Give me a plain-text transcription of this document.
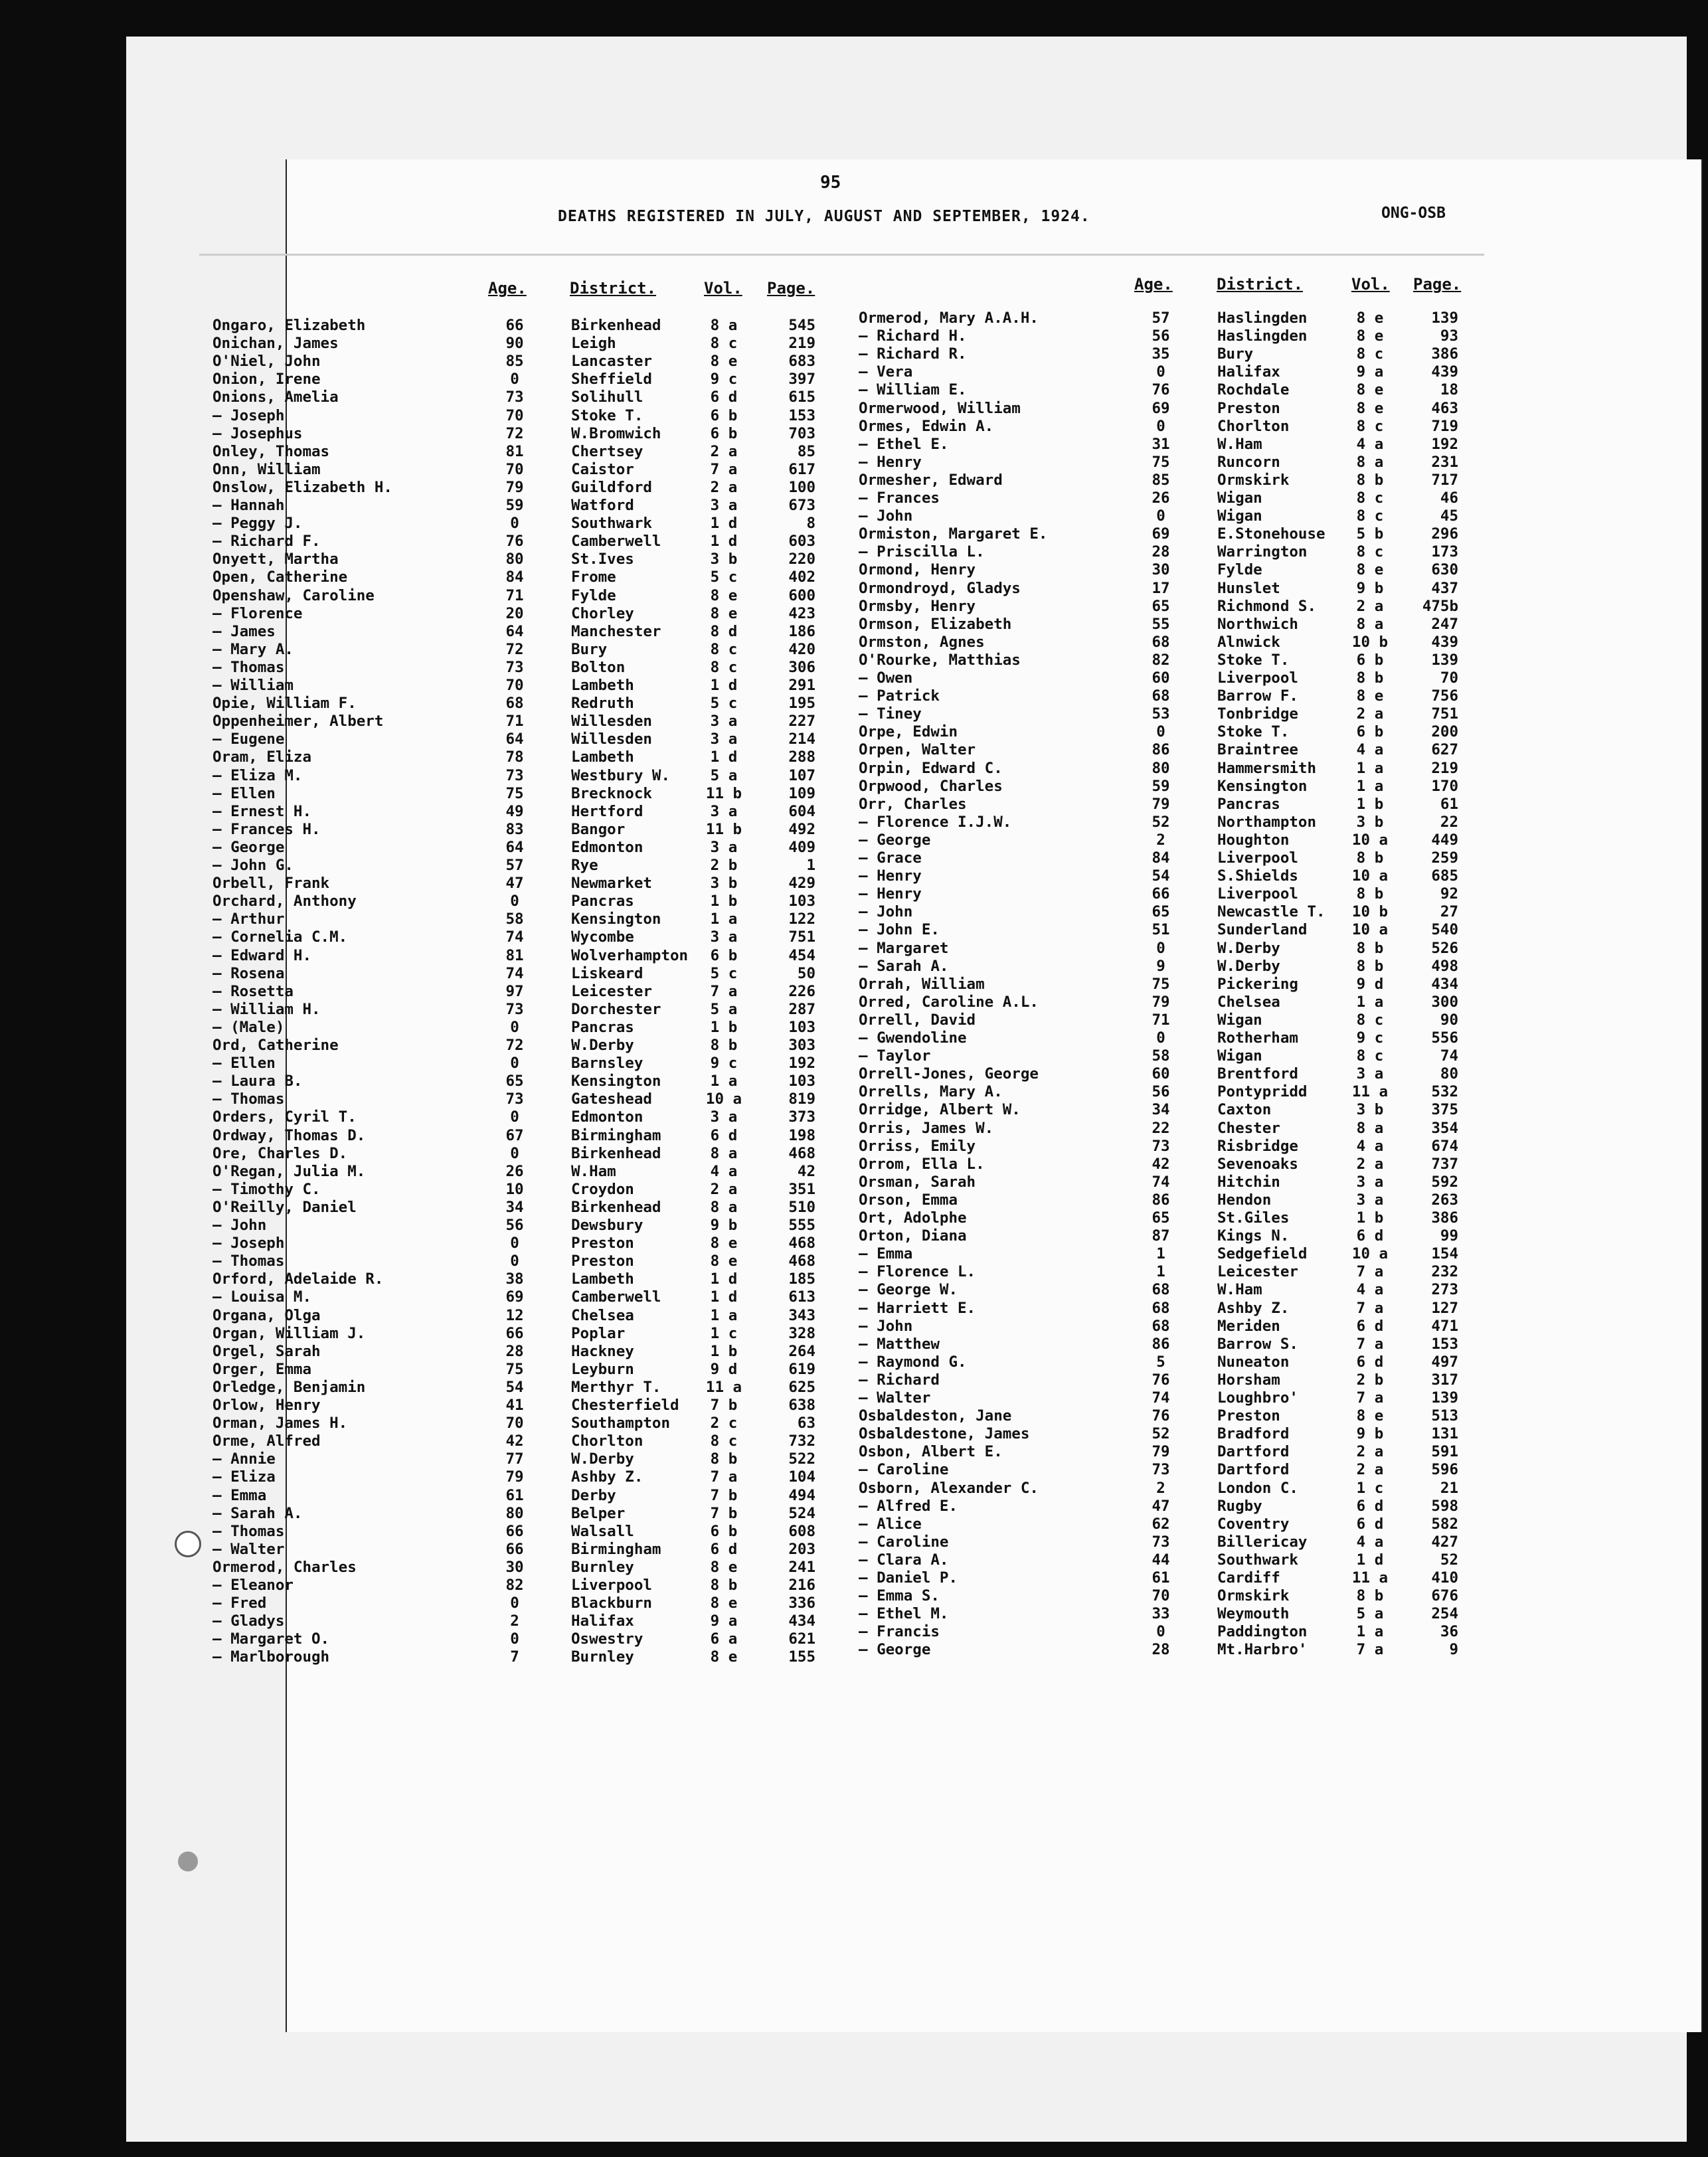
95
DEATHS REGISTERED IN JULY, AUGUST AND SEPTEMBER, 1924.	ONG-OSB
Age.	District.	Vol. Page.	Age.	District.	Vol. Page.
Ongaro, Elizabeth	66	Birkenhead	8 a	545
Onichan, James	90	Leigh	8 c	219
O'Niel, John	85	Lancaster	8 e	683
Onion, Irene	0	Sheffield	9 c	397
Onions, Amelia	73	Solihull	6 d	615
— Joseph	70	Stoke T.	6 b	153
— Josephus	72	W.Bromwich	6 b	703
Onley, Thomas	81	Chertsey	2 a	85
Onn, William	70	Caistor	7 a	617
Onslow, Elizabeth H.	79	Guildford	2 a	100
— Hannah	59	Watford	3 a	673
— Peggy J.	0	Southwark	1 d	8
— Richard F.	76	Camberwell	1 d	603
Onyett, Martha	80	St.Ives	3 b	220
Open, Catherine	84	Frome	5 c	402
Openshaw, Caroline	71	Fylde	8 e	600
— Florence	20	Chorley	8 e	423
— James	64	Manchester	8 d	186
— Mary A.	72	Bury	8 c	420
— Thomas	73	Bolton	8 c	306
— William	70	Lambeth	1 d	291
Opie, William F.	68	Redruth	5 c	195
Oppenheimer, Albert	71	Willesden	3 a	227
— Eugene	64	Willesden	3 a	214
Oram, Eliza	78	Lambeth	1 d	288
— Eliza M.	73	Westbury W.	5 a	107
— Ellen	75	Brecknock	11 b	109
— Ernest H.	49	Hertford	3 a	604
— Frances H.	83	Bangor	11 b	492
— George	64	Edmonton	3 a	409
— John G.	57	Rye	2 b	1
Orbell, Frank	47	Newmarket	3 b	429
Orchard, Anthony	0	Pancras	1 b	103
— Arthur	58	Kensington	1 a	122
— Cornelia C.M.	74	Wycombe	3 a	751
— Edward H.	81	Wolverhampton	6 b	454
— Rosena	74	Liskeard	5 c	50
— Rosetta	97	Leicester	7 a	226
— William H.	73	Dorchester	5 a	287
— (Male)	0	Pancras	1 b	103
Ord, Catherine	72	W.Derby	8 b	303
— Ellen	0	Barnsley	9 c	192
— Laura B.	65	Kensington	1 a	103
— Thomas	73	Gateshead	10 a	819
Orders, Cyril T.	0	Edmonton	3 a	373
Ordway, Thomas D.	67	Birmingham	6 d	198
Ore, Charles D.	0	Birkenhead	8 a	468
O'Regan, Julia M.	26	W.Ham	4 a	42
— Timothy C.	10	Croydon	2 a	351
O'Reilly, Daniel	34	Birkenhead	8 a	510
— John	56	Dewsbury	9 b	555
— Joseph	0	Preston	8 e	468
— Thomas	0	Preston	8 e	468
Orford, Adelaide R.	38	Lambeth	1 d	185
— Louisa M.	69	Camberwell	1 d	613
Organa, Olga	12	Chelsea	1 a	343
Organ, William J.	66	Poplar	1 c	328
Orgel, Sarah	28	Hackney	1 b	264
Orger, Emma	75	Leyburn	9 d	619
Orledge, Benjamin	54	Merthyr T.	11 a	625
Orlow, Henry	41	Chesterfield	7 b	638
Orman, James H.	70	Southampton	2 c	63
Orme, Alfred	42	Chorlton	8 c	732
— Annie	77	W.Derby	8 b	522
— Eliza	79	Ashby Z.	7 a	104
— Emma	61	Derby	7 b	494
— Sarah A.	80	Belper	7 b	524
— Thomas	66	Walsall	6 b	608
— Walter	66	Birmingham	6 d	203
Ormerod, Charles	30	Burnley	8 e	241
— Eleanor	82	Liverpool	8 b	216
— Fred	0	Blackburn	8 e	336
— Gladys	2	Halifax	9 a	434
— Margaret O.	0	Oswestry	6 a	621
— Marlborough	7	Burnley	8 e	155
Ormerod, Mary A.A.H.	57	Haslingden	8 e	139
— Richard H.	56	Haslingden	8 e	93
— Richard R.	35	Bury	8 c	386
— Vera	0	Halifax	9 a	439
— William E.	76	Rochdale	8 e	18
Ormerwood, William	69	Preston	8 e	463
Ormes, Edwin A.	0	Chorlton	8 c	719
— Ethel E.	31	W.Ham	4 a	192
— Henry	75	Runcorn	8 a	231
Ormesher, Edward	85	Ormskirk	8 b	717
— Frances	26	Wigan	8 c	46
— John	0	Wigan	8 c	45
Ormiston, Margaret E.	69	E.Stonehouse	5 b	296
— Priscilla L.	28	Warrington	8 c	173
Ormond, Henry	30	Fylde	8 e	630
Ormondroyd, Gladys	17	Hunslet	9 b	437
Ormsby, Henry	65	Richmond S.	2 a	475b
Ormson, Elizabeth	55	Northwich	8 a	247
Ormston, Agnes	68	Alnwick	10 b	439
O'Rourke, Matthias	82	Stoke T.	6 b	139
— Owen	60	Liverpool	8 b	70
— Patrick	68	Barrow F.	8 e	756
— Tiney	53	Tonbridge	2 a	751
Orpe, Edwin	0	Stoke T.	6 b	200
Orpen, Walter	86	Braintree	4 a	627
Orpin, Edward C.	80	Hammersmith	1 a	219
Orpwood, Charles	59	Kensington	1 a	170
Orr, Charles	79	Pancras	1 b	61
— Florence I.J.W.	52	Northampton	3 b	22
— George	2	Houghton	10 a	449
— Grace	84	Liverpool	8 b	259
— Henry	54	S.Shields	10 a	685
— Henry	66	Liverpool	8 b	92
— John	65	Newcastle T.	10 b	27
— John E.	51	Sunderland	10 a	540
— Margaret	0	W.Derby	8 b	526
— Sarah A.	9	W.Derby	8 b	498
Orrah, William	75	Pickering	9 d	434
Orred, Caroline A.L.	79	Chelsea	1 a	300
Orrell, David	71	Wigan	8 c	90
— Gwendoline	0	Rotherham	9 c	556
— Taylor	58	Wigan	8 c	74
Orrell-Jones, George	60	Brentford	3 a	80
Orrells, Mary A.	56	Pontypridd	11 a	532
Orridge, Albert W.	34	Caxton	3 b	375
Orris, James W.	22	Chester	8 a	354
Orriss, Emily	73	Risbridge	4 a	674
Orrom, Ella L.	42	Sevenoaks	2 a	737
Orsman, Sarah	74	Hitchin	3 a	592
Orson, Emma	86	Hendon	3 a	263
Ort, Adolphe	65	St.Giles	1 b	386
Orton, Diana	87	Kings N.	6 d	99
— Emma	1	Sedgefield	10 a	154
— Florence L.	1	Leicester	7 a	232
— George W.	68	W.Ham	4 a	273
— Harriett E.	68	Ashby Z.	7 a	127
— John	68	Meriden	6 d	471
— Matthew	86	Barrow S.	7 a	153
— Raymond G.	5	Nuneaton	6 d	497
— Richard	76	Horsham	2 b	317
— Walter	74	Loughbro'	7 a	139
Osbaldeston, Jane	76	Preston	8 e	513
Osbaldestone, James	52	Bradford	9 b	131
Osbon, Albert E.	79	Dartford	2 a	591
— Caroline	73	Dartford	2 a	596
Osborn, Alexander C.	2	London C.	1 c	21
— Alfred E.	47	Rugby	6 d	598
— Alice	62	Coventry	6 d	582
— Caroline	73	Billericay	4 a	427
— Clara A.	44	Southwark	1 d	52
— Daniel P.	61	Cardiff	11 a	410
— Emma S.	70	Ormskirk	8 b	676
— Ethel M.	33	Weymouth	5 a	254
— Francis	0	Paddington	1 a	36
— George	28	Mt.Harbro'	7 a	9
